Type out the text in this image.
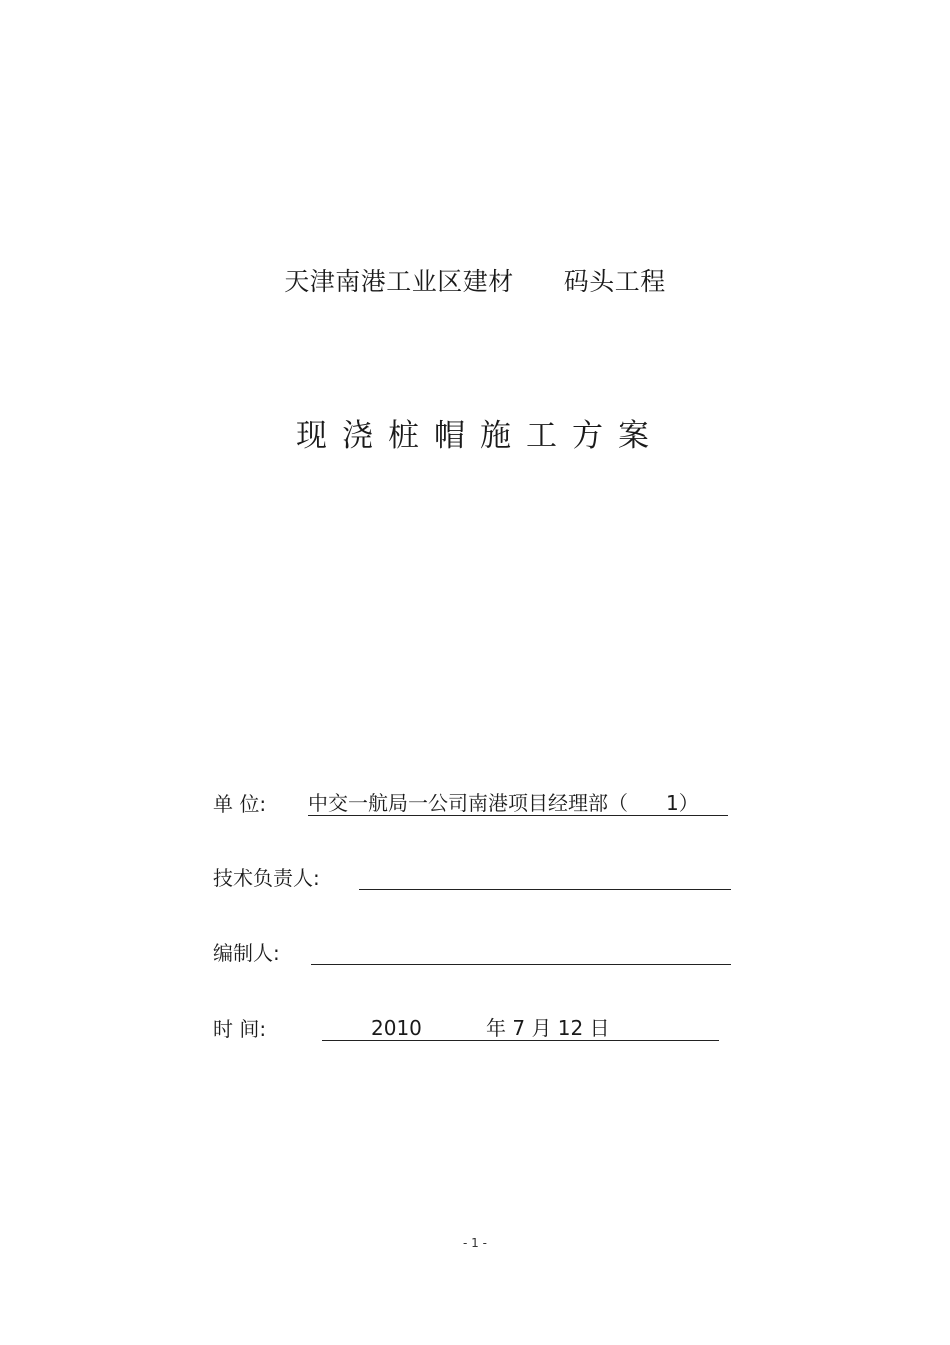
天津南港工业区建材 码头工程
现浇桩帽施工方案
单 位: 中交一航局一公司南港项目经理部（ 1）
技术负责人:
编制人:
时 间:	2010	年 7 月 12 日
- 1 -
